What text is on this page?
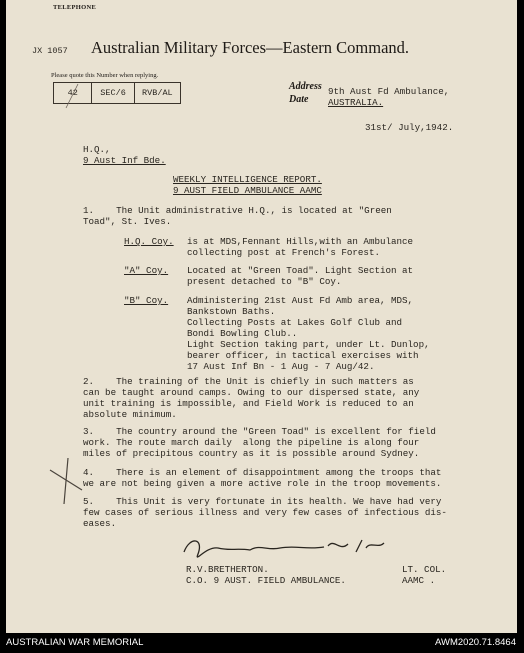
TELEPHONE
JX 1057 Australian Military Forces—Eastern Command.
Please quote this Number when replying.
42	SEC/6	RVB/AL
Address
Date
9th Aust Fd Ambulance,
AUSTRALIA.
31st/ July,1942.
H.Q.,
9 Aust Inf Bde.
WEEKLY INTELLIGENCE REPORT.
9 AUST FIELD AMBULANCE AAMC
1.    The Unit administrative H.Q., is located at "Green
Toad", St. Ives.
H.Q. Coy. is at MDS,Fennant Hills,with an Ambulance
collecting post at French's Forest.
"A" Coy. Located at "Green Toad". Light Section at
present detached to "B" Coy.
"B" Coy. Administering 21st Aust Fd Amb area, MDS,
Bankstown Baths.
Collecting Posts at Lakes Golf Club and
Bondi Bowling Club..
Light Section taking part, under Lt. Dunlop,
bearer officer, in tactical exercises with
17 Aust Inf Bn - 1 Aug - 7 Aug/42.
2.    The training of the Unit is chiefly in such matters as
can be taught around camps. Owing to our dispersed state, any
unit training is impossible, and Field Work is reduced to an
absolute minimum.
3.    The country around the "Green Toad" is excellent for field
work. The route march daily  along the pipeline is along four
miles of precipitous country as it is possible around Sydney.
4.    There is an element of disappointment among the troops that
we are not being given a more active role in the troop movements.
5.    This Unit is very fortunate in its health. We have had very
few cases of serious illness and very few cases of infectious dis-
eases.
R.V.BRETHERTON.	LT. COL.
C.O. 9 AUST. FIELD AMBULANCE.	AAMC .
AUSTRALIAN WAR MEMORIAL	AWM2020.71.8464
